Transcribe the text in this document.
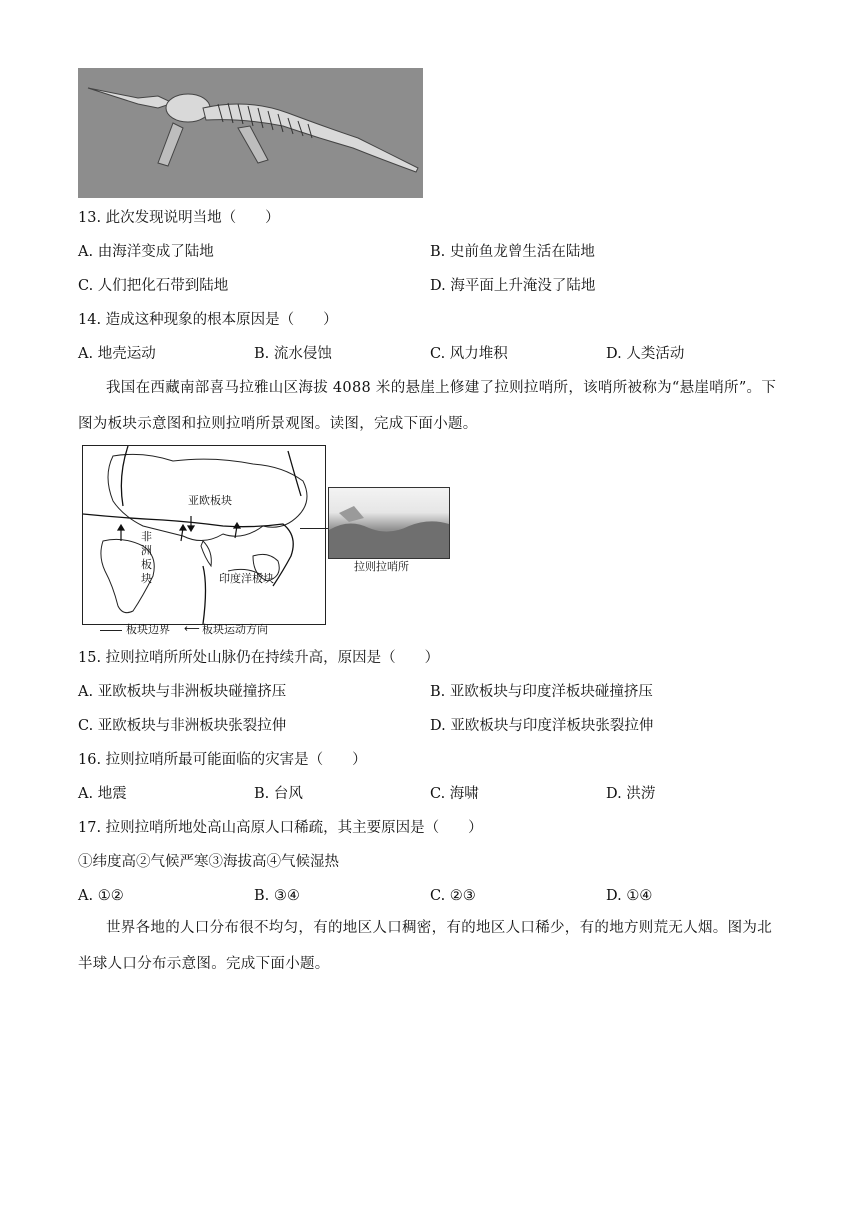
13. 此次发现说明当地（　　）
A. 由海洋变成了陆地	B. 史前鱼龙曾生活在陆地
C. 人们把化石带到陆地	D. 海平面上升淹没了陆地
14. 造成这种现象的根本原因是（　　）
A. 地壳运动	B. 流水侵蚀	C. 风力堆积	D. 人类活动
我国在西藏南部喜马拉雅山区海拔 4088 米的悬崖上修建了拉则拉哨所，该哨所被称为“悬崖哨所”。下图为板块示意图和拉则拉哨所景观图。读图，完成下面小题。
亚欧板块
非洲板块	印度洋板块
拉则拉哨所
板块边界 ⟵ 板块运动方向
15. 拉则拉哨所所处山脉仍在持续升高，原因是（　　）
A. 亚欧板块与非洲板块碰撞挤压	B. 亚欧板块与印度洋板块碰撞挤压
C. 亚欧板块与非洲板块张裂拉伸	D. 亚欧板块与印度洋板块张裂拉伸
16. 拉则拉哨所最可能面临的灾害是（　　）
A. 地震	B. 台风	C. 海啸	D. 洪涝
17. 拉则拉哨所地处高山高原人口稀疏，其主要原因是（　　）
①纬度高②气候严寒③海拔高④气候湿热
A. ①②	B. ③④	C. ②③	D. ①④
世界各地的人口分布很不均匀，有的地区人口稠密，有的地区人口稀少，有的地方则荒无人烟。图为北半球人口分布示意图。完成下面小题。
